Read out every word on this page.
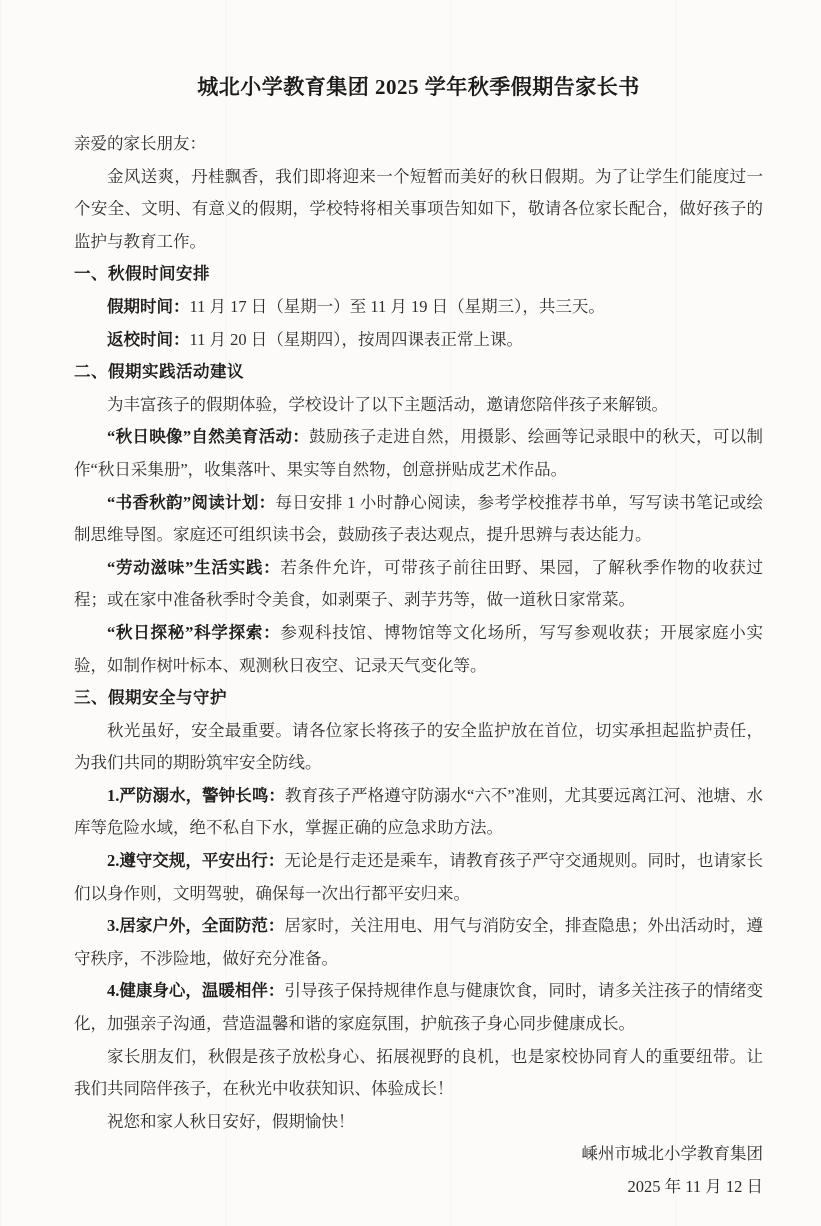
城北小学教育集团 2025 学年秋季假期告家长书

亲爱的家长朋友：

金风送爽，丹桂飘香，我们即将迎来一个短暂而美好的秋日假期。为了让学生们能度过一个安全、文明、有意义的假期，学校特将相关事项告知如下，敬请各位家长配合，做好孩子的监护与教育工作。

一、秋假时间安排

假期时间：11 月 17 日（星期一）至 11 月 19 日（星期三），共三天。

返校时间：11 月 20 日（星期四），按周四课表正常上课。

二、假期实践活动建议

为丰富孩子的假期体验，学校设计了以下主题活动，邀请您陪伴孩子来解锁。

“秋日映像”自然美育活动：鼓励孩子走进自然，用摄影、绘画等记录眼中的秋天，可以制作“秋日采集册”，收集落叶、果实等自然物，创意拼贴成艺术作品。

“书香秋韵”阅读计划：每日安排 1 小时静心阅读，参考学校推荐书单，写写读书笔记或绘制思维导图。家庭还可组织读书会，鼓励孩子表达观点，提升思辨与表达能力。

“劳动滋味”生活实践：若条件允许，可带孩子前往田野、果园，了解秋季作物的收获过程；或在家中准备秋季时令美食，如剥栗子、剥芋艿等，做一道秋日家常菜。

“秋日探秘”科学探索：参观科技馆、博物馆等文化场所，写写参观收获；开展家庭小实验，如制作树叶标本、观测秋日夜空、记录天气变化等。

三、假期安全与守护

秋光虽好，安全最重要。请各位家长将孩子的安全监护放在首位，切实承担起监护责任，为我们共同的期盼筑牢安全防线。

1.严防溺水，警钟长鸣：教育孩子严格遵守防溺水“六不”准则，尤其要远离江河、池塘、水库等危险水域，绝不私自下水，掌握正确的应急求助方法。

2.遵守交规，平安出行：无论是行走还是乘车，请教育孩子严守交通规则。同时，也请家长们以身作则，文明驾驶，确保每一次出行都平安归来。

3.居家户外，全面防范：居家时，关注用电、用气与消防安全，排查隐患；外出活动时，遵守秩序，不涉险地，做好充分准备。

4.健康身心，温暖相伴：引导孩子保持规律作息与健康饮食，同时，请多关注孩子的情绪变化，加强亲子沟通，营造温馨和谐的家庭氛围，护航孩子身心同步健康成长。

家长朋友们，秋假是孩子放松身心、拓展视野的良机，也是家校协同育人的重要纽带。让我们共同陪伴孩子，在秋光中收获知识、体验成长！

祝您和家人秋日安好，假期愉快！

嵊州市城北小学教育集团

2025 年 11 月 12 日
